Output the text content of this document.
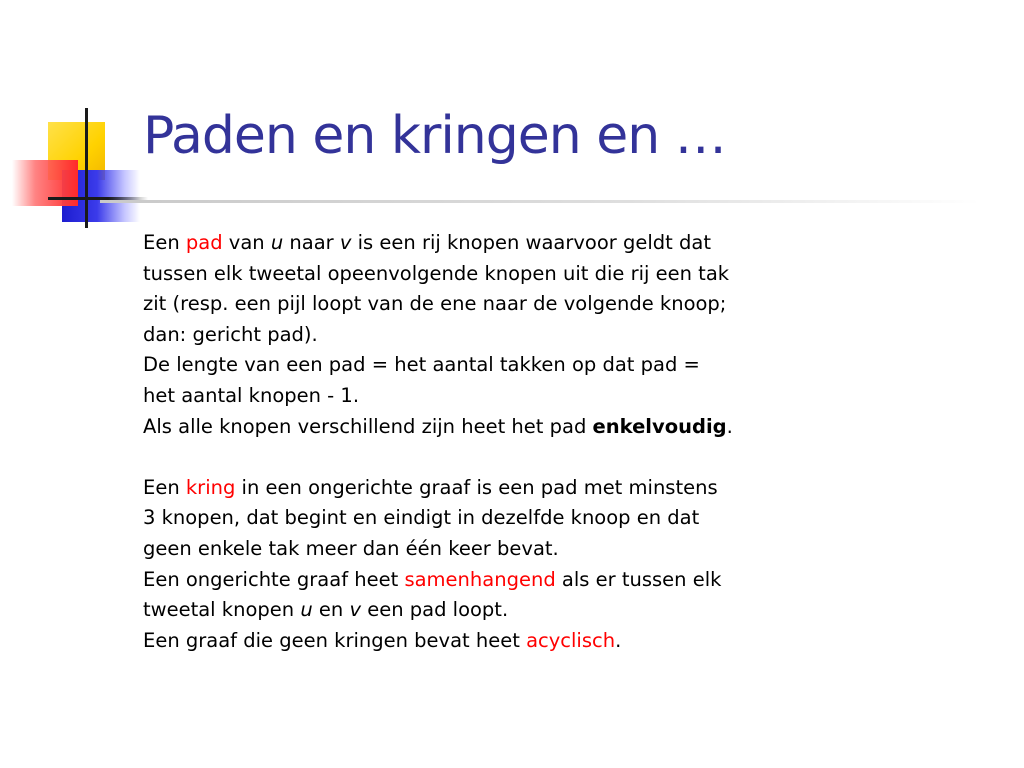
Paden en kringen en …

Een pad van u naar v is een rij knopen waarvoor geldt dat
tussen elk tweetal opeenvolgende knopen uit die rij een tak
zit (resp. een pijl loopt van de ene naar de volgende knoop;
dan: gericht pad).

De lengte van een pad = het aantal takken op dat pad =
het aantal knopen - 1.

Als alle knopen verschillend zijn heet het pad enkelvoudig.

Een kring in een ongerichte graaf is een pad met minstens
3 knopen, dat begint en eindigt in dezelfde knoop en dat
geen enkele tak meer dan één keer bevat.

Een ongerichte graaf heet samenhangend als er tussen elk
tweetal knopen u en v een pad loopt.

Een graaf die geen kringen bevat heet acyclisch.
